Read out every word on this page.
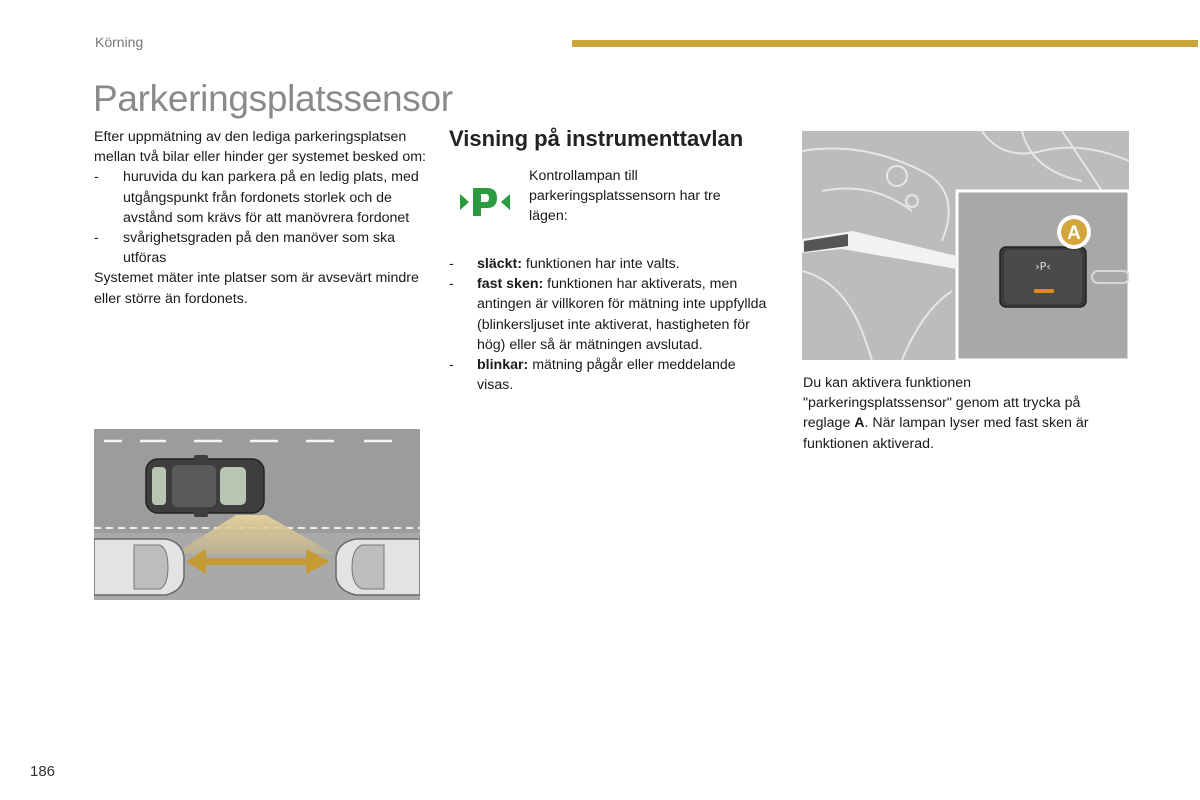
Körning
Parkeringsplatssensor

Efter uppmätning av den lediga parkeringsplatsen mellan två bilar eller hinder ger systemet besked om:

-	huruvida du kan parkera på en ledig plats, med utgångspunkt från fordonets storlek och de avstånd som krävs för att manövrera fordonet
-	svårighetsgraden på den manöver som ska utföras

Systemet mäter inte platser som är avsevärt mindre eller större än fordonets.

Visning på instrumenttavlan
Kontrollampan till parkeringsplatssensorn har tre lägen:
-	släckt: funktionen har inte valts.
-	fast sken: funktionen har aktiverats, men antingen är villkoren för mätning inte uppfyllda (blinkersljuset inte aktiverat, hastigheten för hög) eller så är mätningen avslutad.
-	blinkar: mätning pågår eller meddelande visas.
›P‹
A
Du kan aktivera funktionen "parkeringsplatssensor" genom att trycka på reglage A. När lampan lyser med fast sken är funktionen aktiverad.
186
